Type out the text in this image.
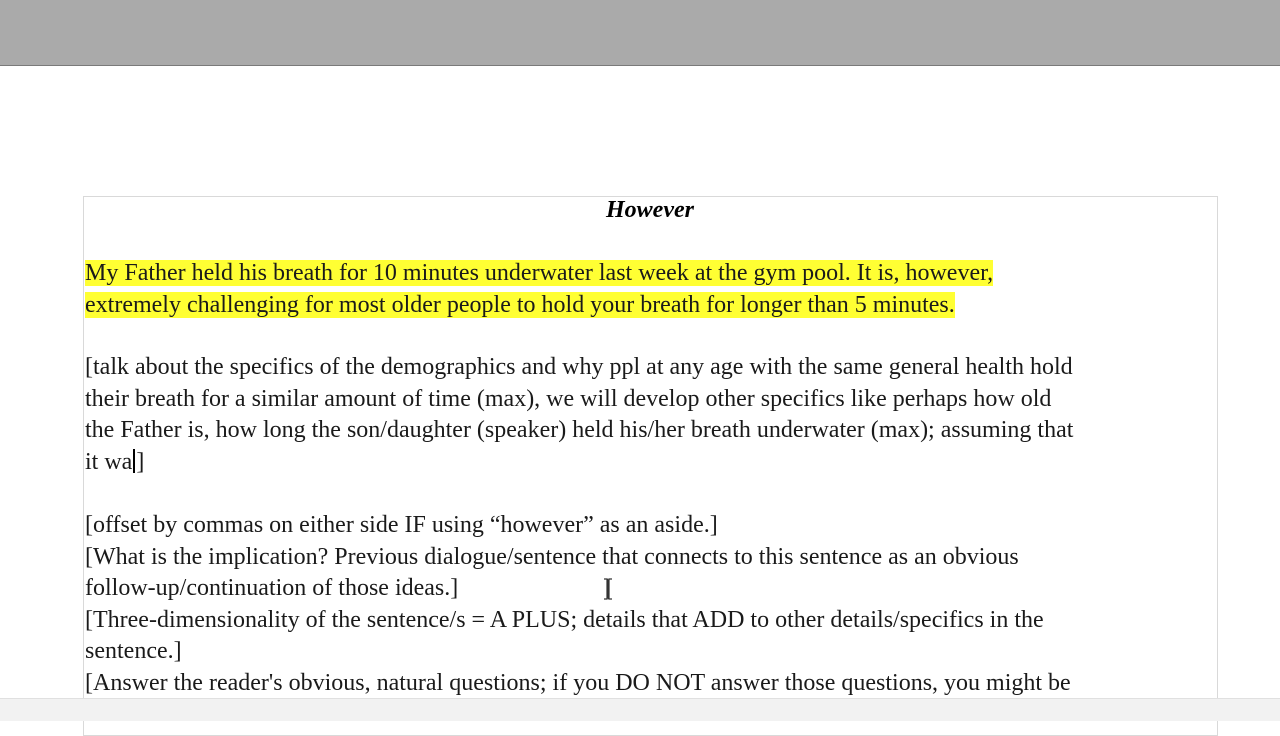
However
My Father held his breath for 10 minutes underwater last week at the gym pool. It is, however,
extremely challenging for most older people to hold your breath for longer than 5 minutes.
[talk about the specifics of the demographics and why ppl at any age with the same general health hold
their breath for a similar amount of time (max), we will develop other specifics like perhaps how old
the Father is, how long the son/daughter (speaker) held his/her breath underwater (max); assuming that
it wa ]
[offset by commas on either side IF using “however” as an aside.]
[What is the implication? Previous dialogue/sentence that connects to this sentence as an obvious
follow-up/continuation of those ideas.]
[Three-dimensionality of the sentence/s = A PLUS; details that ADD to other details/specifics in the
sentence.]
[Answer the reader's obvious, natural questions; if you DO NOT answer those questions, you might be
